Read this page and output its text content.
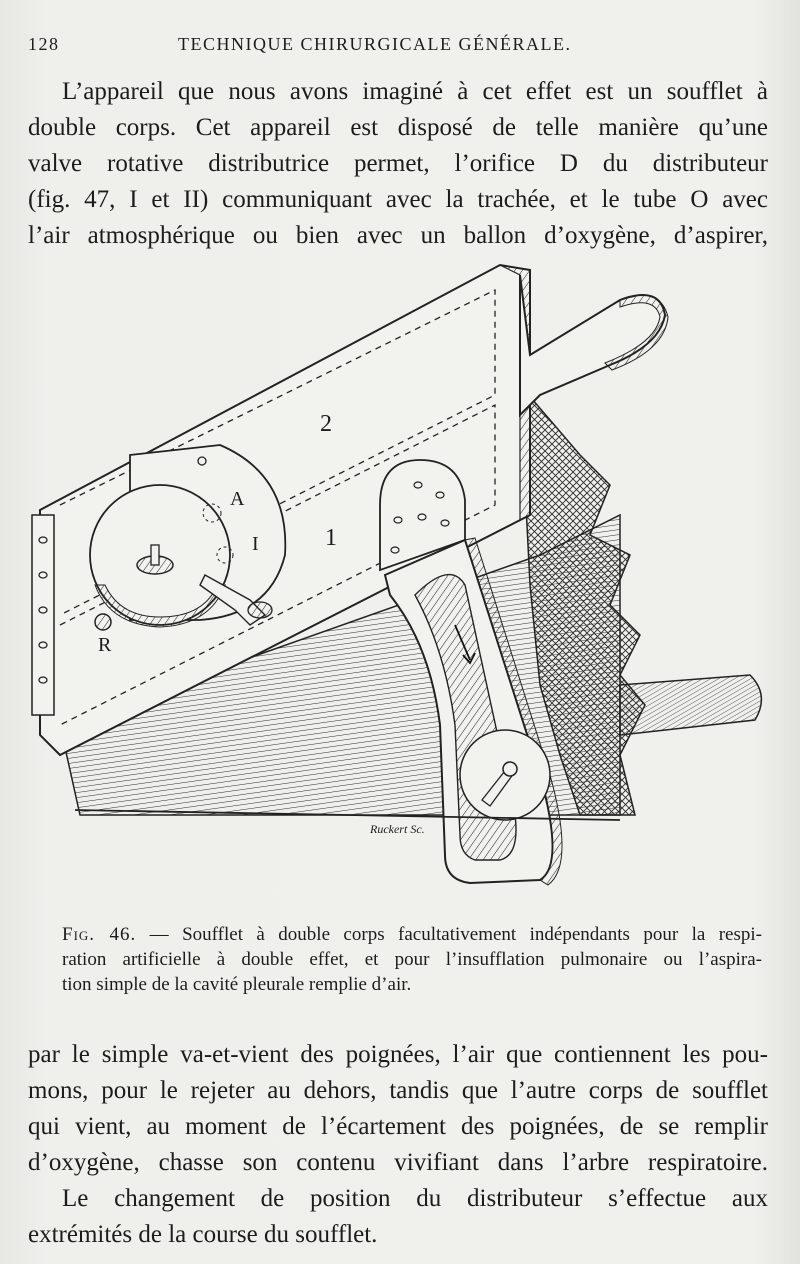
128	TECHNIQUE CHIRURGICALE GÉNÉRALE.
L’appareil que nous avons imaginé à cet effet est un soufflet à
double corps. Cet appareil est disposé de telle manière qu’une
valve rotative distributrice permet, l’orifice D du distributeur
(fig. 47, I et II) communiquant avec la trachée, et le tube O avec
l’air atmosphérique ou bien avec un ballon d’oxygène, d’aspirer,
2
1
A
I
R
Ruckert Sc.
Fig. 46. — Soufflet à double corps facultativement indépendants pour la respi-
ration artificielle à double effet, et pour l’insufflation pulmonaire ou l’aspira-
tion simple de la cavité pleurale remplie d’air.
par le simple va-et-vient des poignées, l’air que contiennent les pou-
mons, pour le rejeter au dehors, tandis que l’autre corps de soufflet
qui vient, au moment de l’écartement des poignées, de se remplir
d’oxygène, chasse son contenu vivifiant dans l’arbre respiratoire.
Le changement de position du distributeur s’effectue aux
extrémités de la course du soufflet.
